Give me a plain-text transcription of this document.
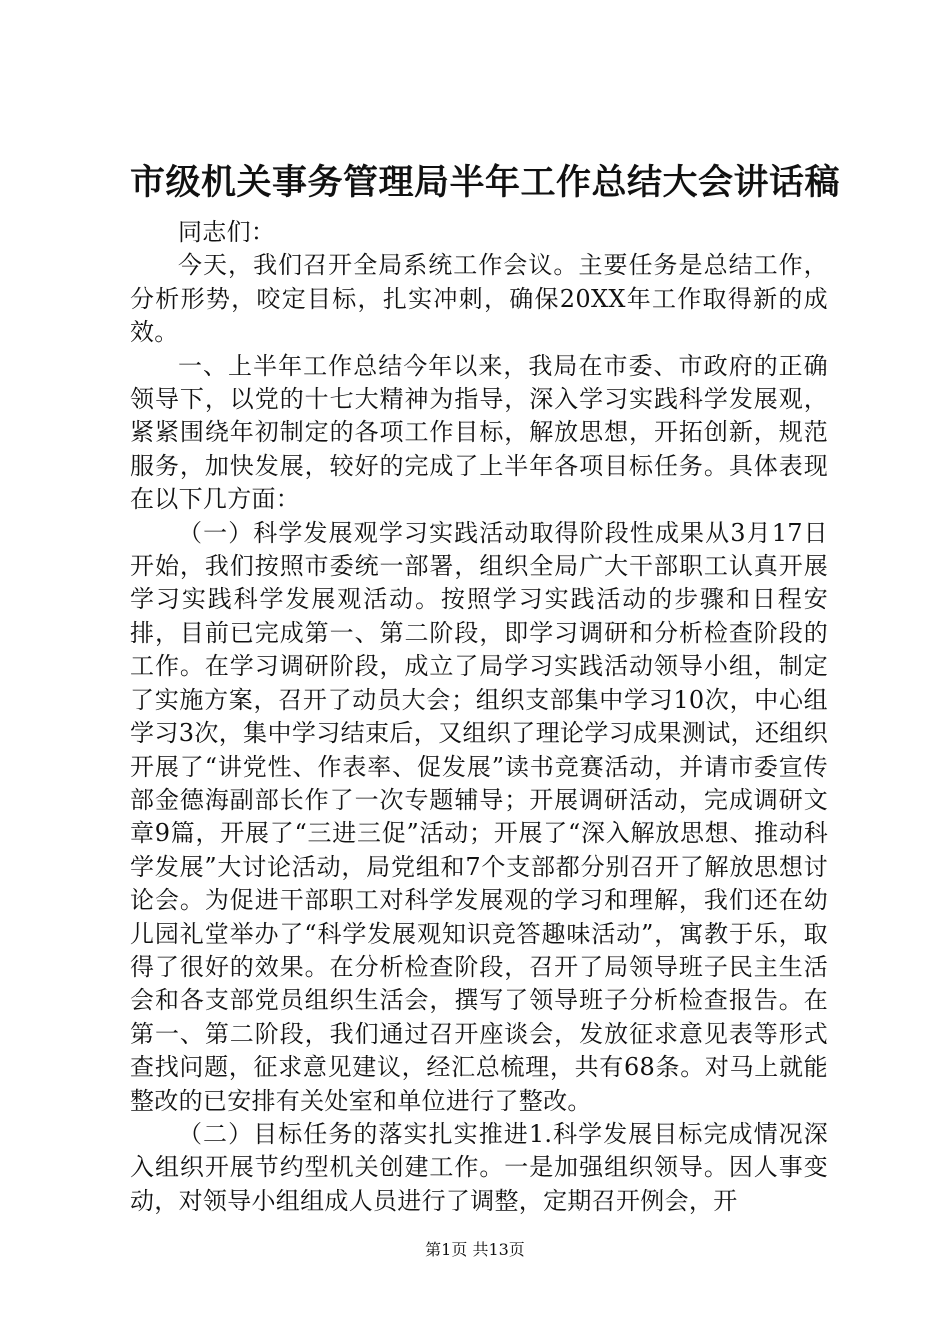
市级机关事务管理局半年工作总结大会讲话稿

同志们：

今天，我们召开全局系统工作会议。主要任务是总结工作，分析形势，咬定目标，扎实冲刺，确保20XX年工作取得新的成效。

一、上半年工作总结今年以来，我局在市委、市政府的正确领导下，以党的十七大精神为指导，深入学习实践科学发展观，紧紧围绕年初制定的各项工作目标，解放思想，开拓创新，规范服务，加快发展，较好的完成了上半年各项目标任务。具体表现在以下几方面：

（一）科学发展观学习实践活动取得阶段性成果从3月17日开始，我们按照市委统一部署，组织全局广大干部职工认真开展学习实践科学发展观活动。按照学习实践活动的步骤和日程安排，目前已完成第一、第二阶段，即学习调研和分析检查阶段的工作。在学习调研阶段，成立了局学习实践活动领导小组，制定了实施方案，召开了动员大会；组织支部集中学习10次，中心组学习3次，集中学习结束后，又组织了理论学习成果测试，还组织开展了“讲党性、作表率、促发展”读书竞赛活动，并请市委宣传部金德海副部长作了一次专题辅导；开展调研活动，完成调研文章9篇，开展了“三进三促”活动；开展了“深入解放思想、推动科学发展”大讨论活动，局党组和7个支部都分别召开了解放思想讨论会。为促进干部职工对科学发展观的学习和理解，我们还在幼儿园礼堂举办了“科学发展观知识竞答趣味活动”，寓教于乐，取得了很好的效果。在分析检查阶段，召开了局领导班子民主生活会和各支部党员组织生活会，撰写了领导班子分析检查报告。在第一、第二阶段，我们通过召开座谈会，发放征求意见表等形式查找问题，征求意见建议，经汇总梳理，共有68条。对马上就能整改的已安排有关处室和单位进行了整改。

（二）目标任务的落实扎实推进1.科学发展目标完成情况深入组织开展节约型机关创建工作。一是加强组织领导。因人事变动，对领导小组组成人员进行了调整，定期召开例会，开

第1页 共13页
